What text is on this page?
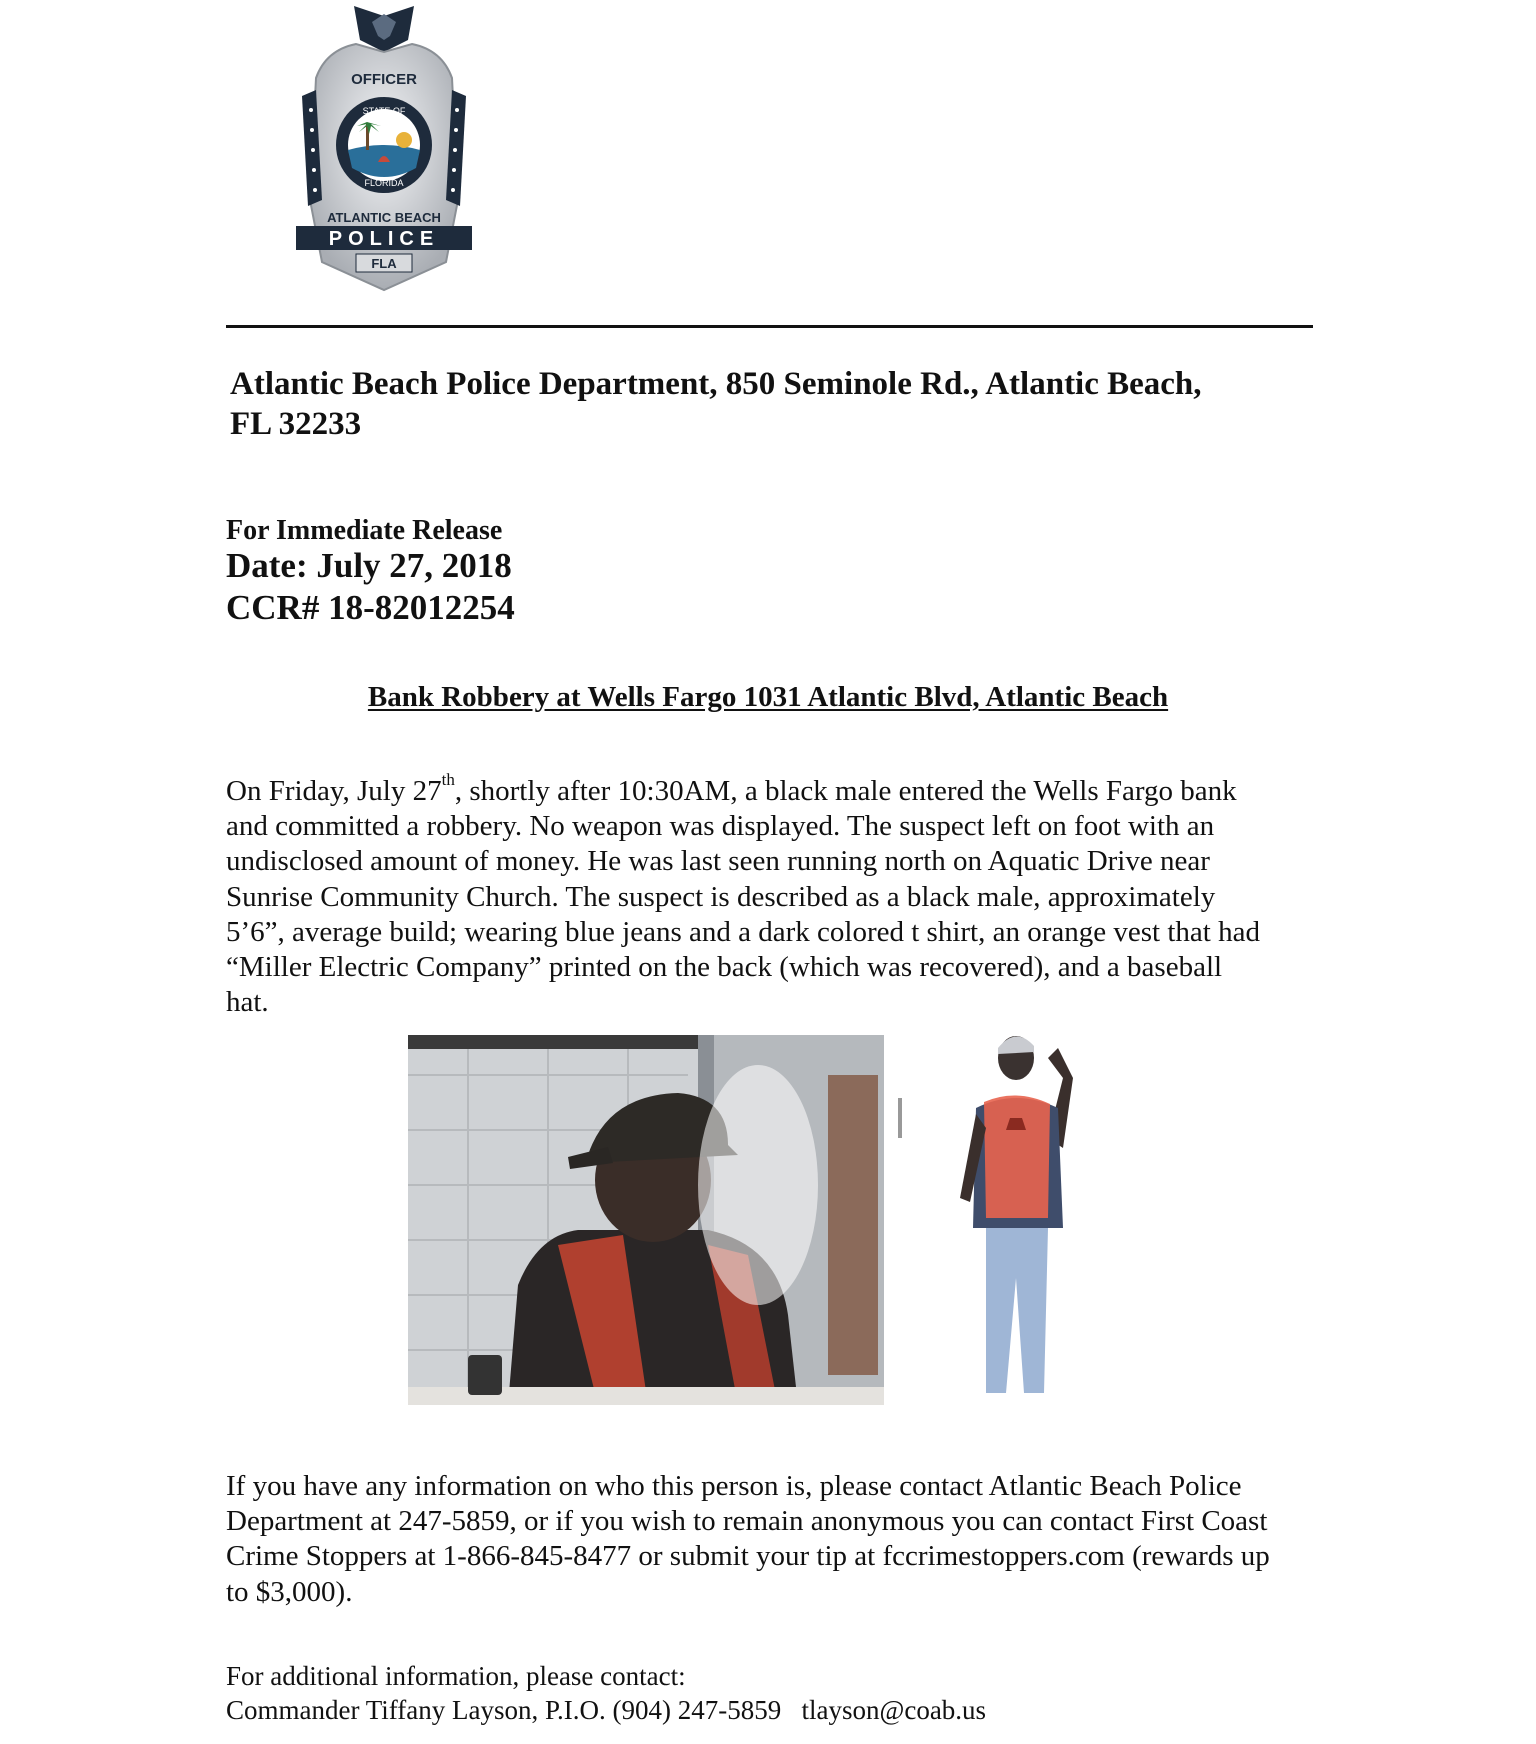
OFFICER
STATE OF
FLORIDA
ATLANTIC BEACH
POLICE
FLA
Atlantic Beach Police Department, 850 Seminole Rd., Atlantic Beach,
FL 32233
For Immediate Release
Date: July 27, 2018
CCR# 18-82012254
Bank Robbery at Wells Fargo 1031 Atlantic Blvd, Atlantic Beach
On Friday, July 27th, shortly after 10:30AM, a black male entered the Wells Fargo bank
and committed a robbery. No weapon was displayed. The suspect left on foot with an
undisclosed amount of money. He was last seen running north on Aquatic Drive near
Sunrise Community Church. The suspect is described as a black male, approximately
5’6”, average build; wearing blue jeans and a dark colored t shirt, an orange vest that had
“Miller Electric Company” printed on the back (which was recovered), and a baseball
hat.
If you have any information on who this person is, please contact Atlantic Beach Police
Department at 247-5859, or if you wish to remain anonymous you can contact First Coast
Crime Stoppers at 1-866-845-8477 or submit your tip at fccrimestoppers.com (rewards up
to $3,000).
For additional information, please contact:
Commander Tiffany Layson, P.I.O. (904) 247-5859   tlayson@coab.us
